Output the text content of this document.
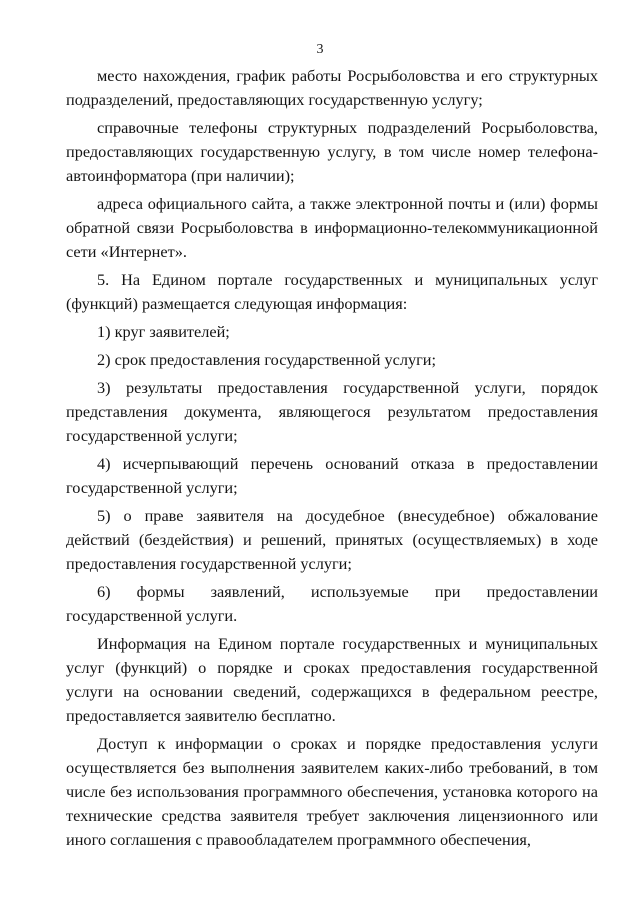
3

место нахождения, график работы Росрыболовства и его структурных подразделений, предоставляющих государственную услугу;

справочные телефоны структурных подразделений Росрыболовства, предоставляющих государственную услугу, в том числе номер телефона-автоинформатора (при наличии);

адреса официального сайта, а также электронной почты и (или) формы обратной связи Росрыболовства в информационно-телекоммуникационной сети «Интернет».

5. На Едином портале государственных и муниципальных услуг (функций) размещается следующая информация:

1) круг заявителей;

2) срок предоставления государственной услуги;

3) результаты предоставления государственной услуги, порядок представления документа, являющегося результатом предоставления государственной услуги;

4) исчерпывающий перечень оснований отказа в предоставлении государственной услуги;

5) о праве заявителя на досудебное (внесудебное) обжалование действий (бездействия) и решений, принятых (осуществляемых) в ходе предоставления государственной услуги;

6) формы заявлений, используемые при предоставлении государственной услуги.

Информация на Едином портале государственных и муниципальных услуг (функций) о порядке и сроках предоставления государственной услуги на основании сведений, содержащихся в федеральном реестре, предоставляется заявителю бесплатно.

Доступ к информации о сроках и порядке предоставления услуги осуществляется без выполнения заявителем каких-либо требований, в том числе без использования программного обеспечения, установка которого на технические средства заявителя требует заключения лицензионного или иного соглашения с правообладателем программного обеспечения,
